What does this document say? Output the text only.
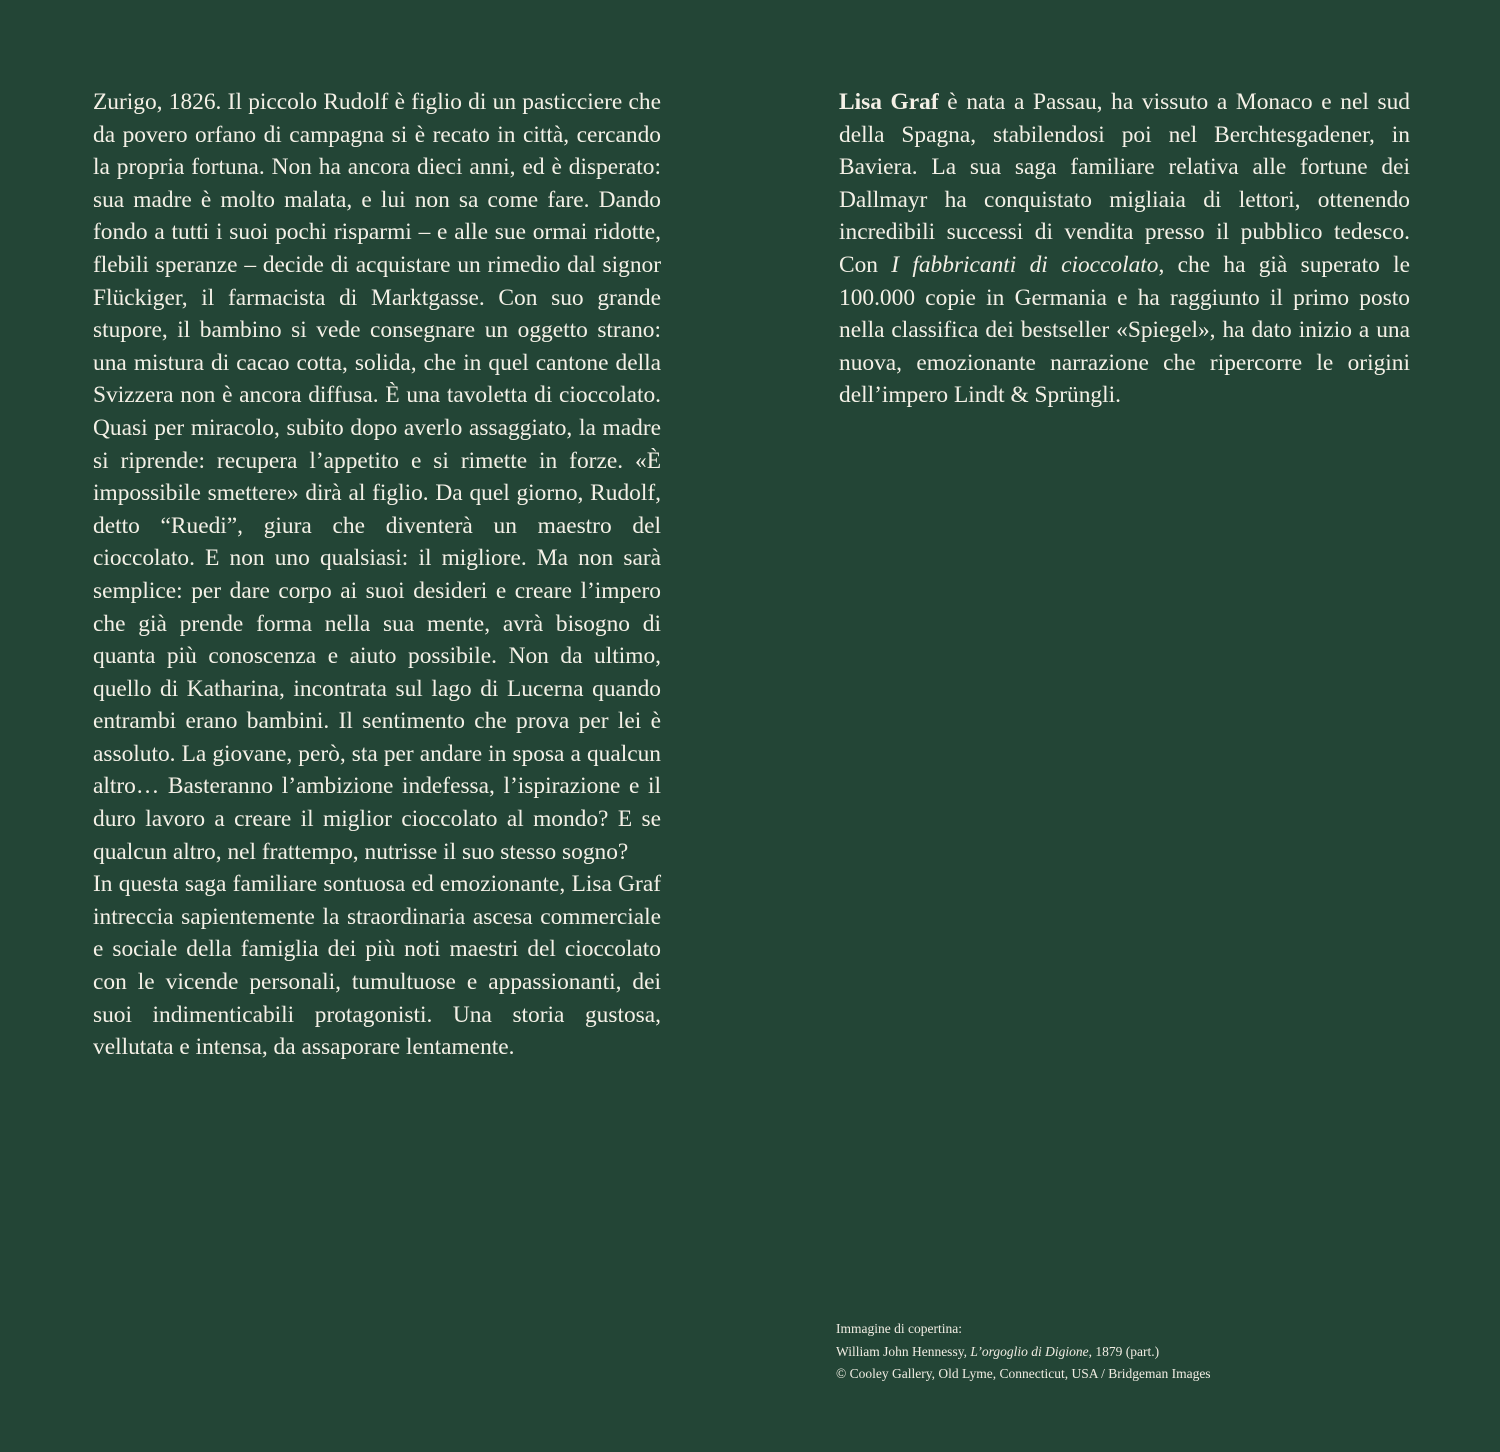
Zurigo, 1826. Il piccolo Rudolf è figlio di un pasticciere che da povero orfano di campagna si è recato in città, cercando la propria fortuna. Non ha ancora dieci anni, ed è disperato: sua madre è molto malata, e lui non sa come fare. Dando fondo a tutti i suoi pochi risparmi – e alle sue ormai ridotte, flebili speranze – decide di acquistare un rimedio dal signor Flückiger, il farmacista di Marktgasse. Con suo grande stupore, il bambino si vede consegnare un oggetto strano: una mistura di cacao cotta, solida, che in quel cantone della Svizzera non è ancora diffusa. È una tavoletta di cioccolato. Quasi per miracolo, subito dopo averlo assaggiato, la madre si riprende: recupera l’appetito e si rimette in forze. «È impossibile smettere» dirà al figlio. Da quel giorno, Rudolf, detto “Ruedi”, giura che diventerà un maestro del cioccolato. E non uno qualsiasi: il migliore. Ma non sarà semplice: per dare corpo ai suoi desideri e creare l’impero che già prende forma nella sua mente, avrà bisogno di quanta più conoscenza e aiuto possibile. Non da ultimo, quello di Katharina, incontrata sul lago di Lucerna quando entrambi erano bambini. Il sentimento che prova per lei è assoluto. La giovane, però, sta per andare in sposa a qualcun altro… Basteranno l’ambizione indefessa, l’ispirazione e il duro lavoro a creare il miglior cioccolato al mondo? E se qualcun altro, nel frattempo, nutrisse il suo stesso sogno?

In questa saga familiare sontuosa ed emozionante, Lisa Graf intreccia sapientemente la straordinaria ascesa commerciale e sociale della famiglia dei più noti maestri del cioccolato con le vicende personali, tumultuose e appassionanti, dei suoi indimenticabili protagonisti. Una storia gustosa, vellutata e intensa, da assaporare lentamente.

Lisa Graf è nata a Passau, ha vissuto a Monaco e nel sud della Spagna, stabilendosi poi nel Berchtesgadener, in Baviera. La sua saga familiare relativa alle fortune dei Dallmayr ha conquistato migliaia di lettori, ottenendo incredibili successi di vendita presso il pubblico tedesco. Con I fabbricanti di cioccolato, che ha già superato le 100.000 copie in Germania e ha raggiunto il primo posto nella classifica dei bestseller «Spiegel», ha dato inizio a una nuova, emozionante narrazione che ripercorre le origini dell’impero Lindt & Sprüngli.

Immagine di copertina:
William John Hennessy, L’orgoglio di Digione, 1879 (part.)
© Cooley Gallery, Old Lyme, Connecticut, USA / Bridgeman Images
